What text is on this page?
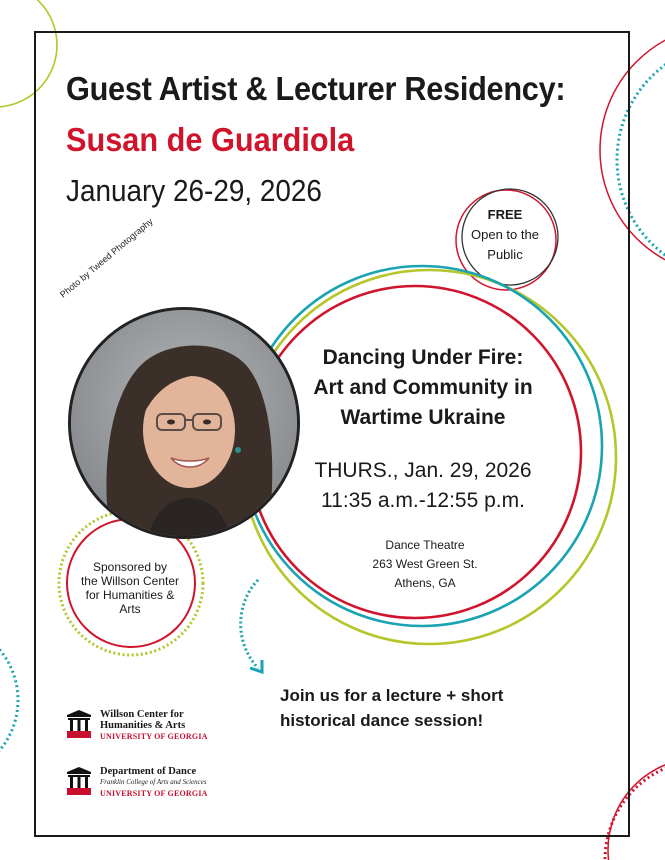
Guest Artist & Lecturer Residency:
Susan de Guardiola
January 26-29, 2026
FREE
Open to the
Public
Photo by Tweed Photography
Dancing Under Fire:
Art and Community in
Wartime Ukraine
THURS., Jan. 29, 2026
11:35 a.m.-12:55 p.m.
Dance Theatre
263 West Green St.
Athens, GA
Sponsored by
the Willson Center
for Humanities &
Arts
Join us for a lecture + short
historical dance session!
Willson Center for
Humanities & Arts
UNIVERSITY OF GEORGIA
Department of Dance
Franklin College of Arts and Sciences
UNIVERSITY OF GEORGIA
